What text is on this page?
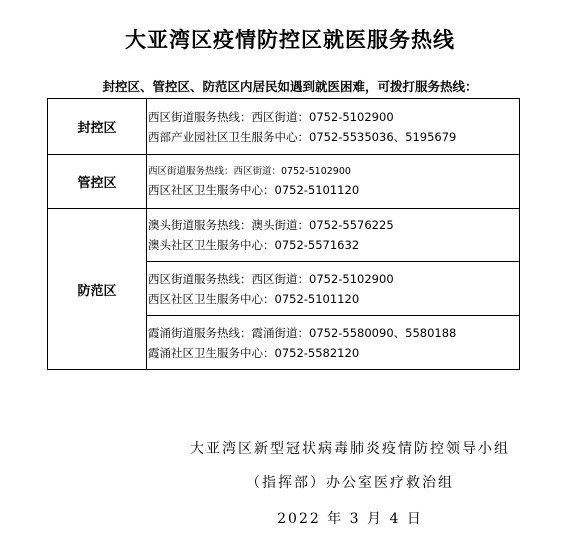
大亚湾区疫情防控区就医服务热线
封控区、管控区、防范区内居民如遇到就医困难，可拨打服务热线：
封控区	西区街道服务热线：西区街道：0752-5102900
西部产业园社区卫生服务中心：0752-5535036、5195679

管控区	西区街道服务热线：西区街道：0752-5102900
西区社区卫生服务中心：0752-5101120

防范区	澳头街道服务热线：澳头街道：0752-5576225
澳头社区卫生服务中心：0752-5571632

	西区街道服务热线：西区街道：0752-5102900
西区社区卫生服务中心：0752-5101120

	霞涌街道服务热线：霞涌街道：0752-5580090、5580188
霞涌社区卫生服务中心：0752-5582120
大亚湾区新型冠状病毒肺炎疫情防控领导小组
（指挥部）办公室医疗救治组
2022 年 3 月 4 日
